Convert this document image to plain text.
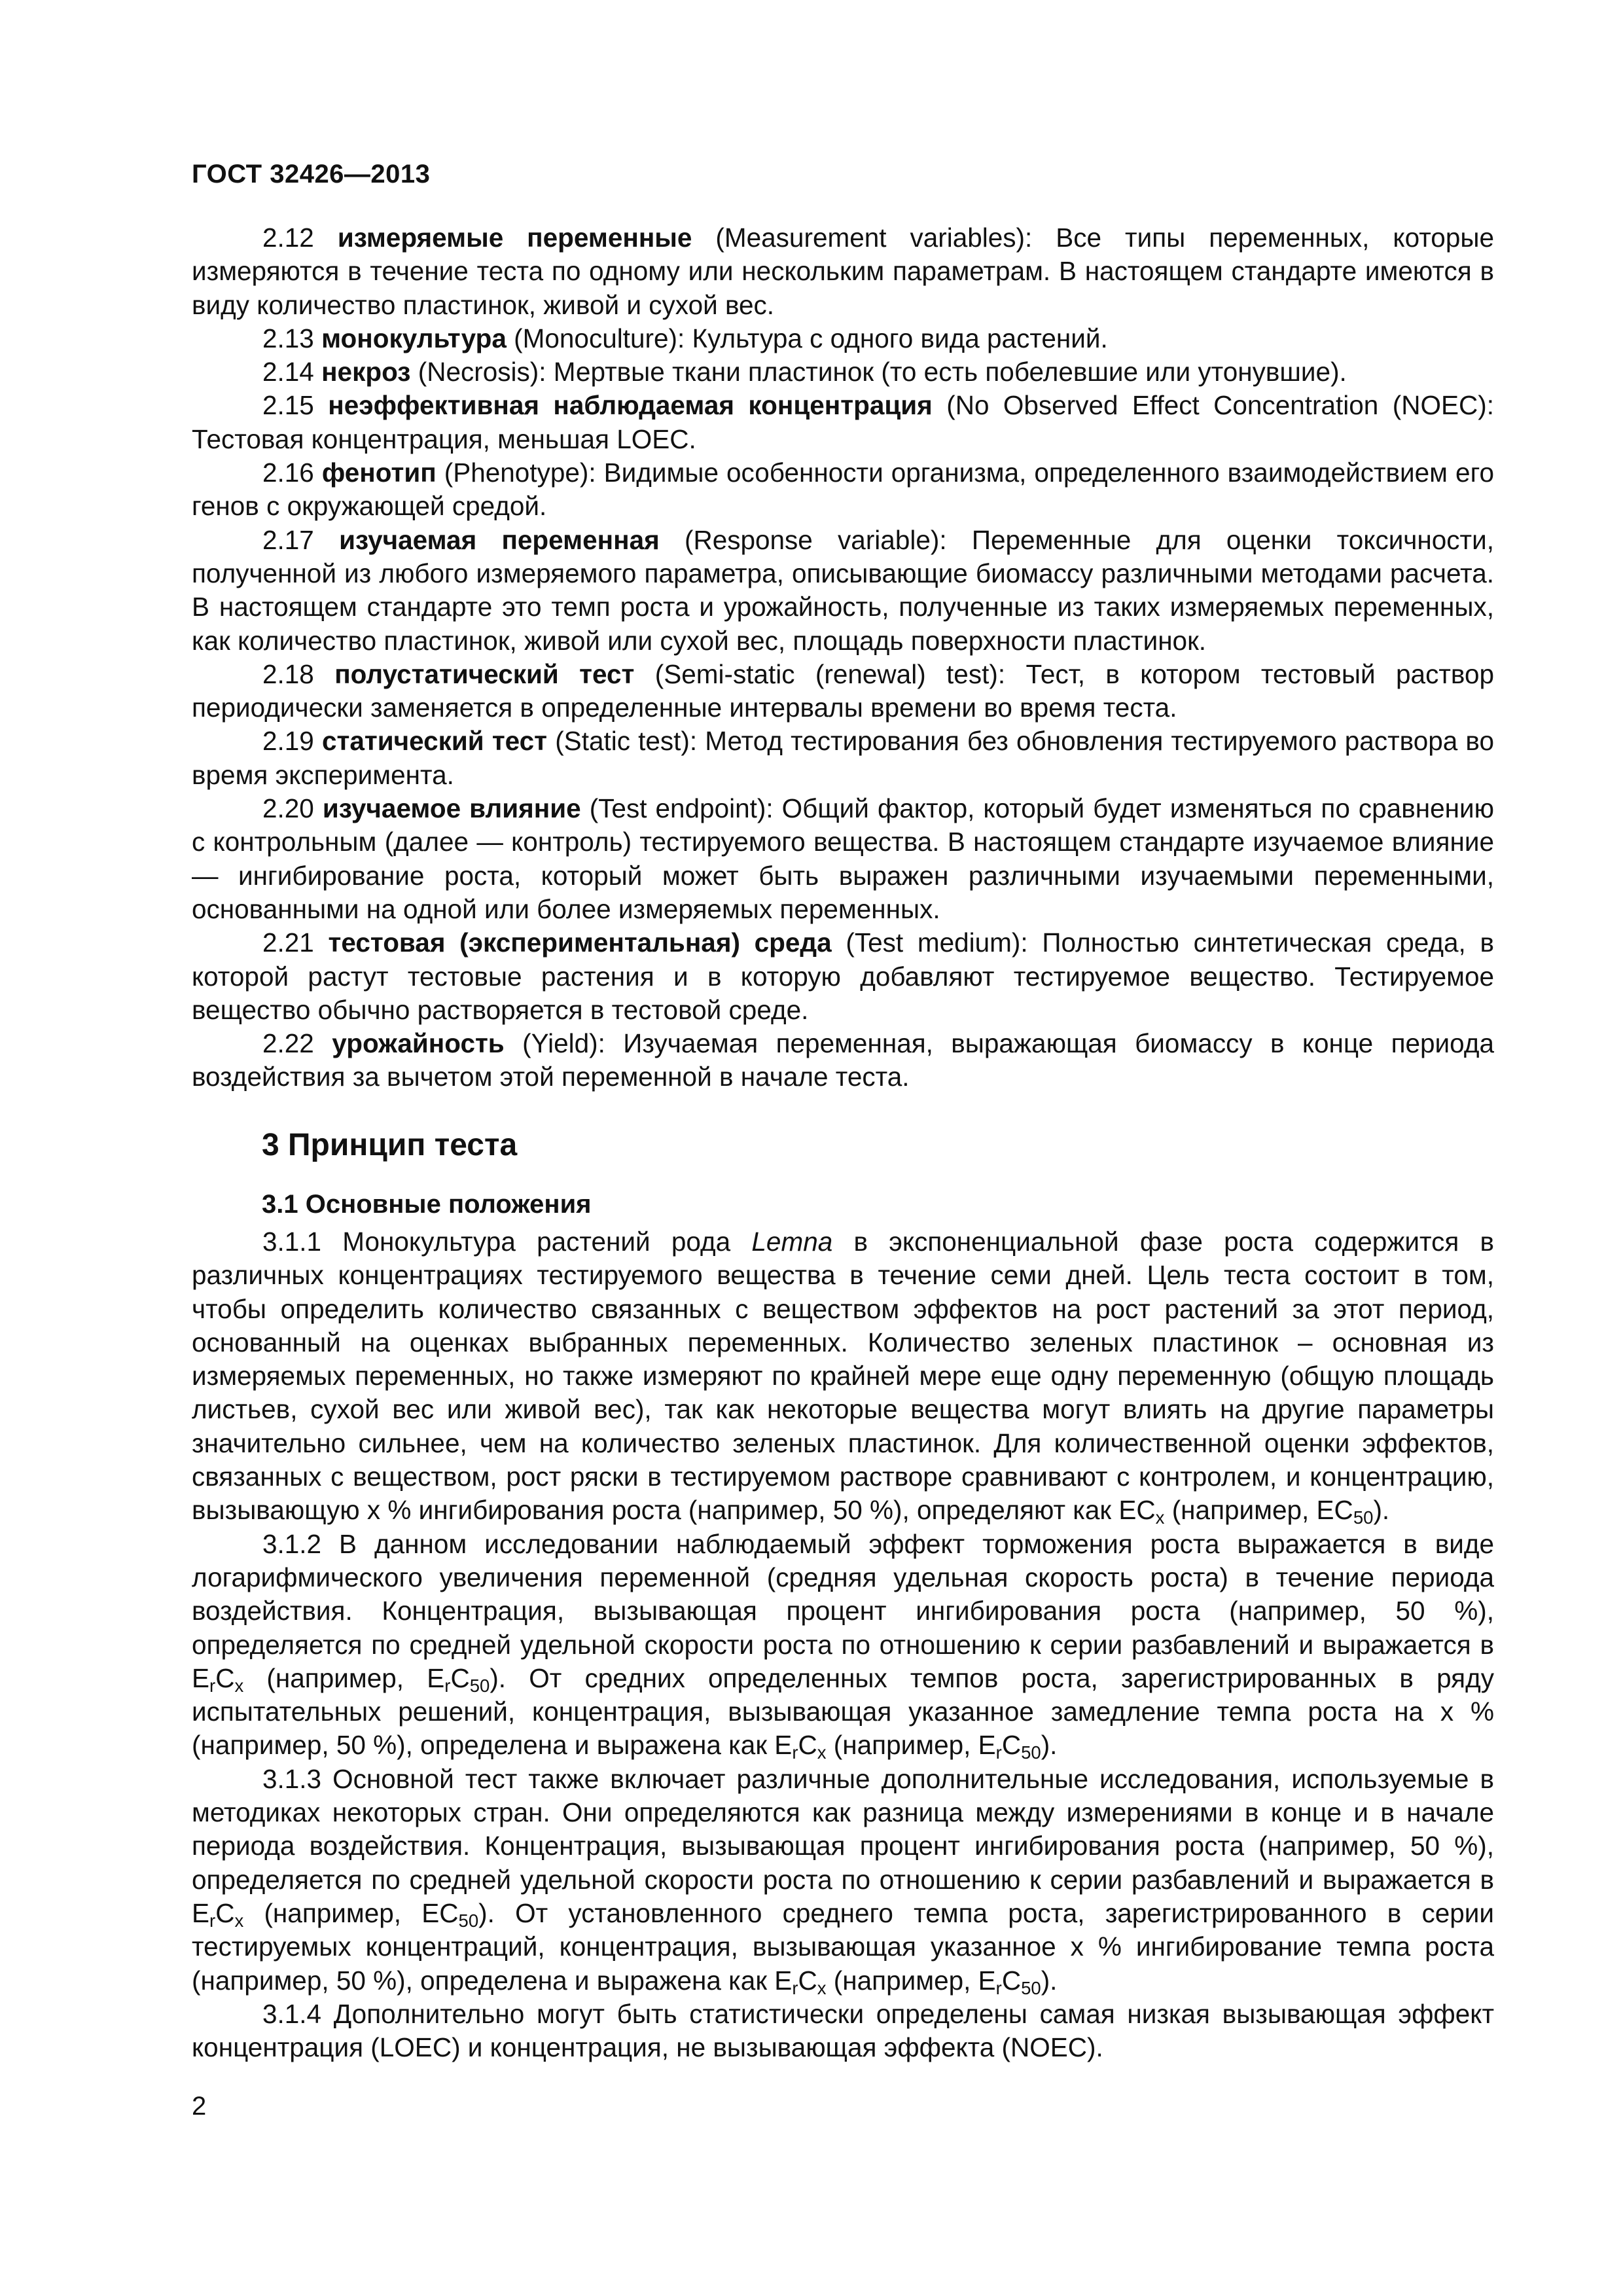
ГОСТ 32426—2013

2.12 измеряемые переменные (Measurement variables): Все типы переменных, которые измеряются в течение теста по одному или нескольким параметрам. В настоящем стандарте имеются в виду количество пластинок, живой и сухой вес.

2.13 монокультура (Monoculture): Культура с одного вида растений.

2.14 некроз (Necrosis): Мертвые ткани пластинок (то есть побелевшие или утонувшие).

2.15 неэффективная наблюдаемая концентрация (No Observed Effect Concentration (NOEC): Тестовая концентрация, меньшая LOEC.

2.16 фенотип (Phenotype): Видимые особенности организма, определенного взаимодействием его генов с окружающей средой.

2.17 изучаемая переменная (Response variable): Переменные для оценки токсичности, полученной из любого измеряемого параметра, описывающие биомассу различными методами расчета. В настоящем стандарте это темп роста и урожайность, полученные из таких измеряемых переменных, как количество пластинок, живой или сухой вес, площадь поверхности пластинок.

2.18 полустатический тест (Semi-static (renewal) test): Тест, в котором тестовый раствор периодически заменяется в определенные интервалы времени во время теста.

2.19 статический тест (Static test): Метод тестирования без обновления тестируемого раствора во время эксперимента.

2.20 изучаемое влияние (Test endpoint): Общий фактор, который будет изменяться по сравнению с контрольным (далее — контроль) тестируемого вещества. В настоящем стандарте изучаемое влияние — ингибирование роста, который может быть выражен различными изучаемыми переменными, основанными на одной или более измеряемых переменных.

2.21 тестовая (экспериментальная) среда (Test medium): Полностью синтетическая среда, в которой растут тестовые растения и в которую добавляют тестируемое вещество. Тестируемое вещество обычно растворяется в тестовой среде.

2.22 урожайность (Yield): Изучаемая переменная, выражающая биомассу в конце периода воздействия за вычетом этой переменной в начале теста.

3 Принцип теста
3.1 Основные положения

3.1.1 Монокультура растений рода Lemna в экспоненциальной фазе роста содержится в различных концентрациях тестируемого вещества в течение семи дней. Цель теста состоит в том, чтобы определить количество связанных с веществом эффектов на рост растений за этот период, основанный на оценках выбранных переменных. Количество зеленых пластинок – основная из измеряемых переменных, но также измеряют по крайней мере еще одну переменную (общую площадь листьев, сухой вес или живой вес), так как некоторые вещества могут влиять на другие параметры значительно сильнее, чем на количество зеленых пластинок. Для количественной оценки эффектов, связанных с веществом, рост ряски в тестируемом растворе сравнивают с контролем, и концентрацию, вызывающую x % ингибирования роста (например, 50 %), определяют как $EC_x$ (например, $EC_{50}$).

3.1.2 В данном исследовании наблюдаемый эффект торможения роста выражается в виде логарифмического увеличения переменной (средняя удельная скорость роста) в течение периода воздействия. Концентрация, вызывающая процент ингибирования роста (например, 50 %), определяется по средней удельной скорости роста по отношению к серии разбавлений и выражается в $E_rC_x$ (например, $E_rC_{50}$). От средних определенных темпов роста, зарегистрированных в ряду испытательных решений, концентрация, вызывающая указанное замедление темпа роста на x % (например, 50 %), определена и выражена как $E_rC_x$ (например, $E_rC_{50}$).

3.1.3 Основной тест также включает различные дополнительные исследования, используемые в методиках некоторых стран. Они определяются как разница между измерениями в конце и в начале периода воздействия. Концентрация, вызывающая процент ингибирования роста (например, 50 %), определяется по средней удельной скорости роста по отношению к серии разбавлений и выражается в $E_rC_x$ (например, $EC_{50}$). От установленного среднего темпа роста, зарегистрированного в серии тестируемых концентраций, концентрация, вызывающая указанное x % ингибирование темпа роста (например, 50 %), определена и выражена как $E_rC_x$ (например, $E_rC_{50}$).

3.1.4 Дополнительно могут быть статистически определены самая низкая вызывающая эффект концентрация (LOEC) и концентрация, не вызывающая эффекта (NOEC).

2
